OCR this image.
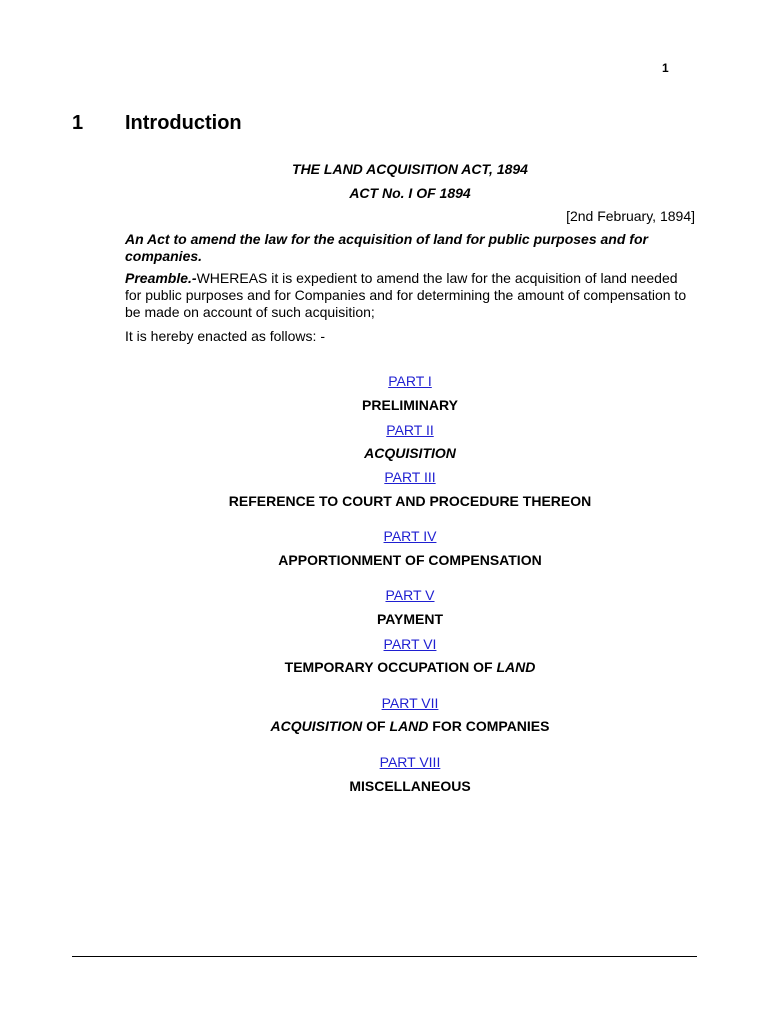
1
1	Introduction
THE LAND ACQUISITION ACT, 1894
ACT No. I OF 1894
[2nd February, 1894]
An Act to amend the law for the acquisition of land for public purposes and for companies.
Preamble.-WHEREAS it is expedient to amend the law for the acquisition of land needed for public purposes and for Companies and for determining the amount of compensation to be made on account of such acquisition;
It is hereby enacted as follows: -
PART I
PRELIMINARY
PART II
ACQUISITION
PART III
REFERENCE TO COURT AND PROCEDURE THEREON
PART IV
APPORTIONMENT OF COMPENSATION
PART V
PAYMENT
PART VI
TEMPORARY OCCUPATION OF LAND
PART VII
ACQUISITION OF LAND FOR COMPANIES
PART VIII
MISCELLANEOUS
